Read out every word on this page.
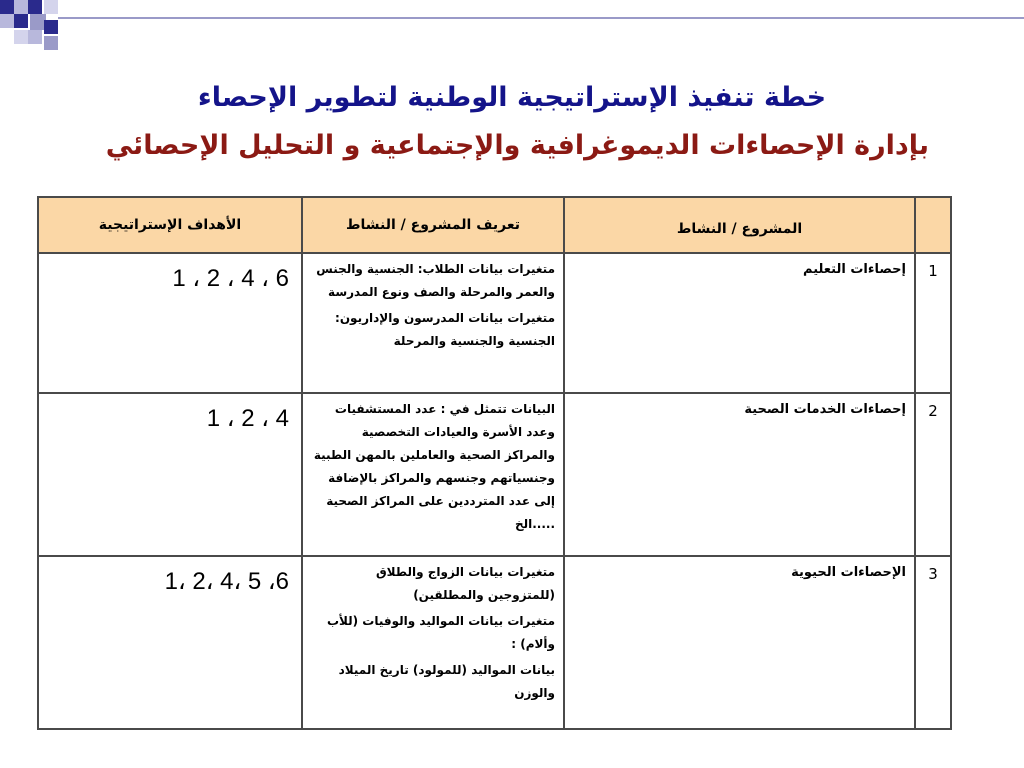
خطة تنفيذ الإستراتيجية الوطنية لتطوير الإحصاء
بإدارة الإحصاءات الديموغرافية والإجتماعية و التحليل الإحصائي
	المشروع / النشاط	تعريف المشروع / النشاط	الأهداف الإستراتيجية
1	إحصاءات التعليم	متغيرات بيانات الطلاب: الجنسية والجنس والعمر والمرحلة والصف ونوع المدرسة

متغيرات بيانات المدرسون والإداريون: الجنسية والجنسية والمرحلة	1 ، 2 ، 4 ، 6
2	إحصاءات الخدمات الصحية	البيانات تتمثل في : عدد المستشفيات وعدد الأسرة والعيادات التخصصية والمراكز الصحية والعاملين بالمهن الطبية وجنسياتهم وجنسهم والمراكز بالإضافة إلى عدد المترددين على المراكز الصحية .....الخ	1 ، 2 ، 4
3	الإحصاءات الحيوية	متغيرات بيانات الزواج والطلاق (للمتزوجين والمطلقين)

متغيرات بيانات المواليد والوفيات (للأب وألام) :

بيانات المواليد (للمولود) تاريخ الميلاد والوزن	1، 2، 4، 5 ،6
